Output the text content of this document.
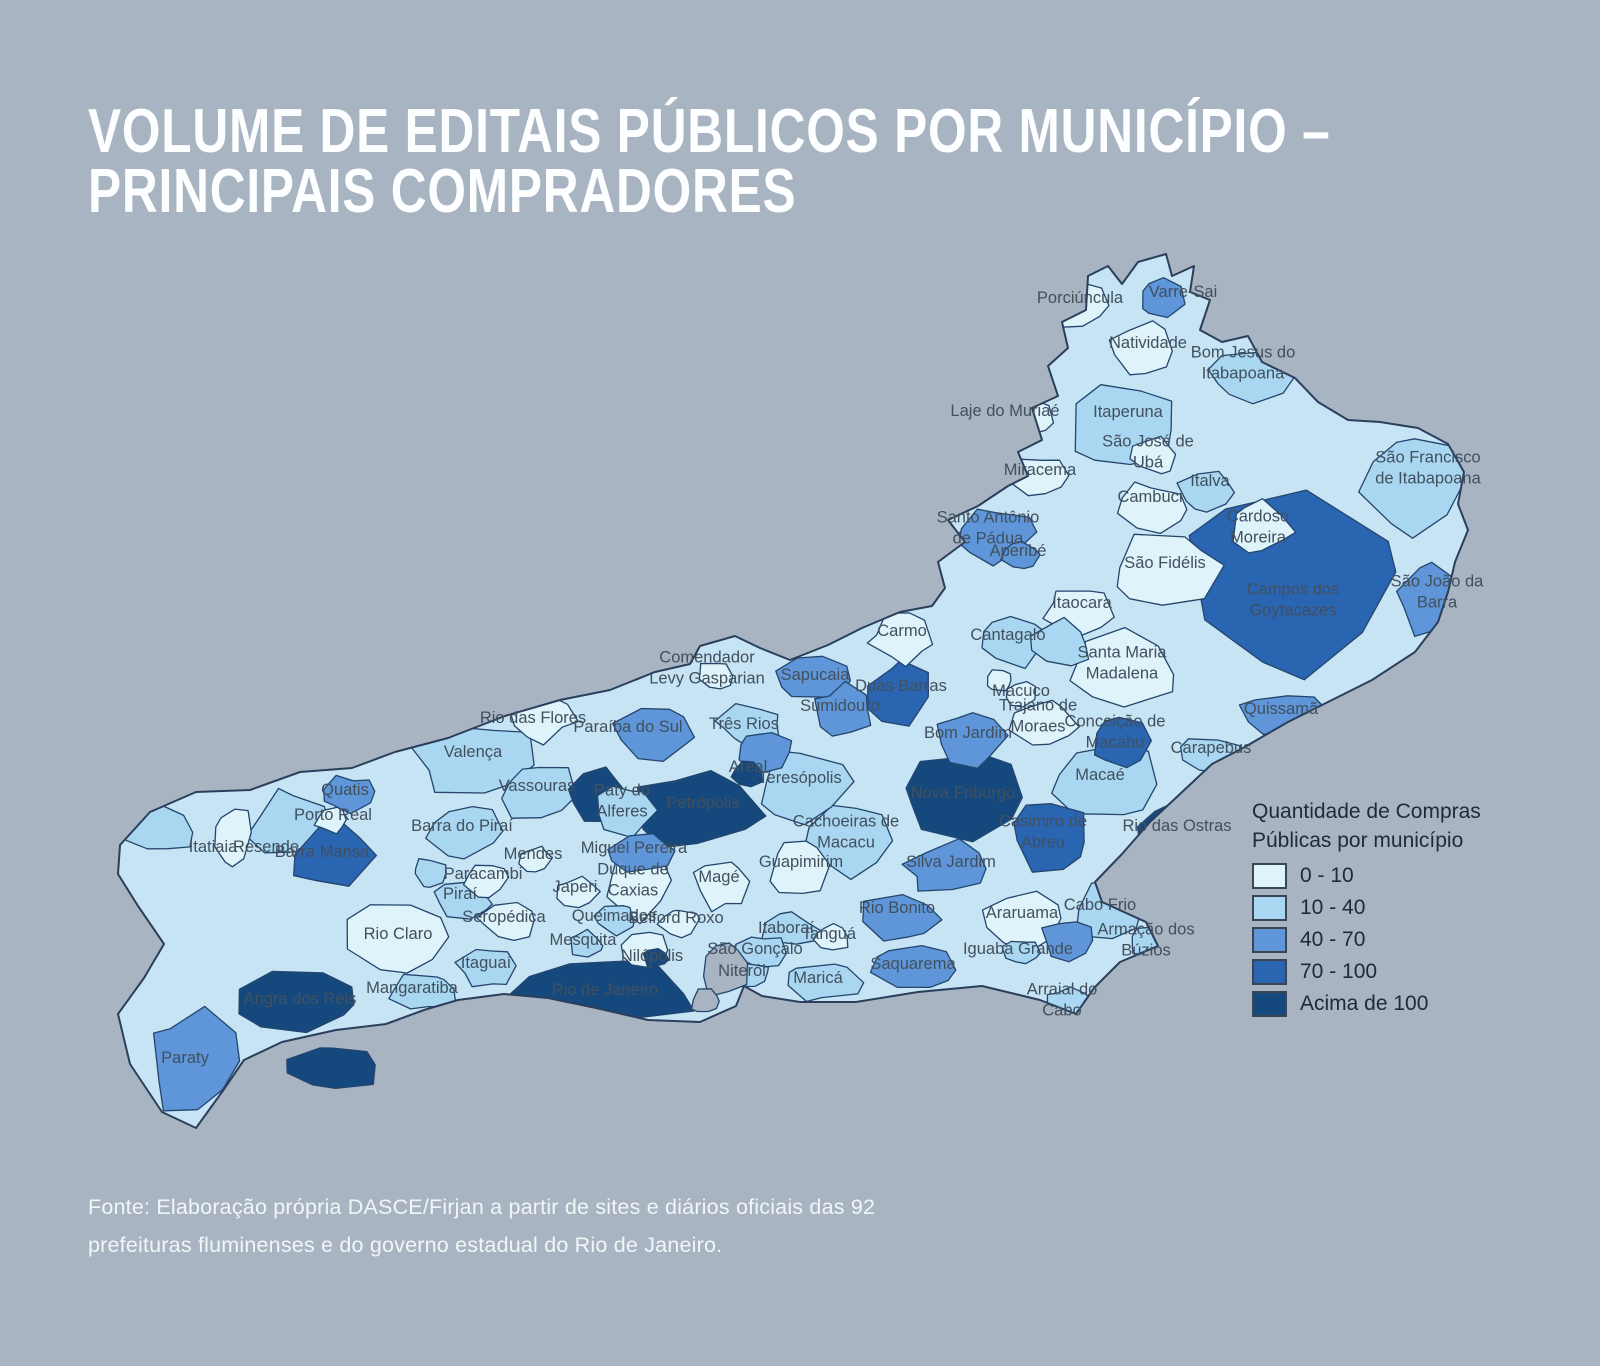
Porciúncula Varre-Sai
Natividade
Bom Jesus do Itabapoana
Laje do Muriaé Itaperuna
São José de Ubá
Miracema
Italva
Cambuci
Cardoso Moreira
São Francisco de Itabapoana
Santo Antônio de Pádua
Aperibé
São Fidélis
Campos dos Goytacazes
São João da Barra
Itaocara
Cantagalo
Carmo
Macuco
Trajano de Moraes
Santa Maria Madalena
Duas Barras
Sumidouro
Sapucaia
Bom Jardim
Nova Friburgo
Conceição de Macabu
Quissamã
Carapebus
Macaé
Rio das Ostras
Casimiro de Abreu
Silva Jardim
Comendador Levy Gasparian
Três Rios
Paraíba do Sul
Areal
Teresópolis
Petrópolis
Cachoeiras de Macacu
Guapimirim
Rio das Flores
Valença
Vassouras Paty do Alferes
Miguel Pereira
Barra do Piraí
Quatis
Porto Real
Itatiaia
Resende
Barra Mansa
Rio Claro
Piraí
Paracambi
Mendes
Seropédica
Japeri
Queimados
Mesquita
Belford Roxo
Duque de Caxias
Magé
Itaguaí
Mangaratiba
Angra dos Reis
Paraty
Rio de Janeiro
Nilópolis
Itaboraí
Tanguá
São Gonçalo
Niterói Maricá
Saquarema
Rio Bonito	Araruama
Iguaba Grande
Cabo Frio
Armação dos Búzios
Arraial do Cabo
VOLUME DE EDITAIS PÚBLICOS POR MUNICÍPIO –
PRINCIPAIS COMPRADORES
Quantidade de Compras
Públicas por município
0 - 10
10 - 40
40 - 70
70 - 100
Acima de 100
Fonte: Elaboração própria DASCE/Firjan a partir de sites e diários oficiais das 92
prefeituras fluminenses e do governo estadual do Rio de Janeiro.
